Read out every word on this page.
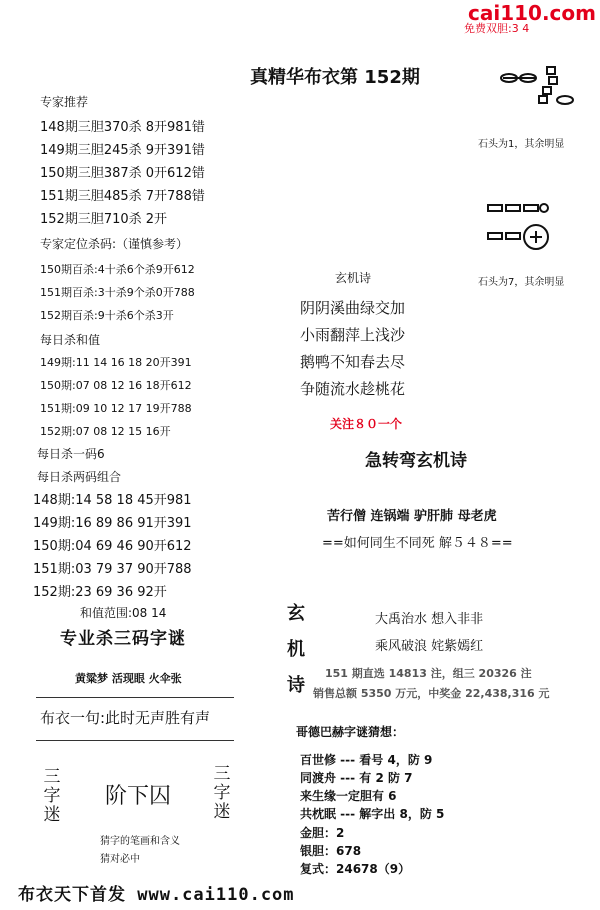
cai110.com
免费双胆:3 4
真精华布衣第 152期
专家推荐
148期三胆370杀 8开981错
149期三胆245杀 9开391错
150期三胆387杀 0开612错
151期三胆485杀 7开788错
152期三胆710杀 2开
专家定位杀码:（谨慎参考）
150期百杀:4十杀6个杀9开612
151期百杀:3十杀9个杀0开788
152期百杀:9十杀6个杀3开
每日杀和值
149期:11 14 16 18 20开391
150期:07 08 12 16 18开612
151期:09 10 12 17 19开788
152期:07 08 12 15 16开
每日杀一码6
每日杀两码组合
148期:14 58 18 45开981
149期:16 89 86 91开391
150期:04 69 46 90开612
151期:03 79 37 90开788
152期:23 69 36 92开
和值范围:08 14
专业杀三码字谜
黄粱梦 活现眼 火伞张
布衣一句:此时无声胜有声
三字迷
阶下囚
三字迷
猜字的笔画和含义
猜对必中
石头为1，其余明显
石头为7，其余明显
玄机诗
阴阴溪曲绿交加
小雨翻萍上浅沙
鹅鸭不知春去尽
争随流水趁桃花
关注８０一个
急转弯玄机诗
苦行僧 连锅端 驴肝肺 母老虎
==如何同生不同死 解５４８==
玄
机
诗
大禹治水 想入非非
乘风破浪 姹紫嫣红
151 期直选 14813 注，组三 20326 注
销售总额 5350 万元，中奖金 22,438,316 元
哥德巴赫字谜猜想：
百世修 --- 看号 4，防 9
同渡舟 --- 有 2 防 7
来生缘一定胆有 6
共枕眠 --- 解字出 8，防 5
金胆：2
银胆：678
复式：24678（9）
布衣天下首发 www.cai110.com
